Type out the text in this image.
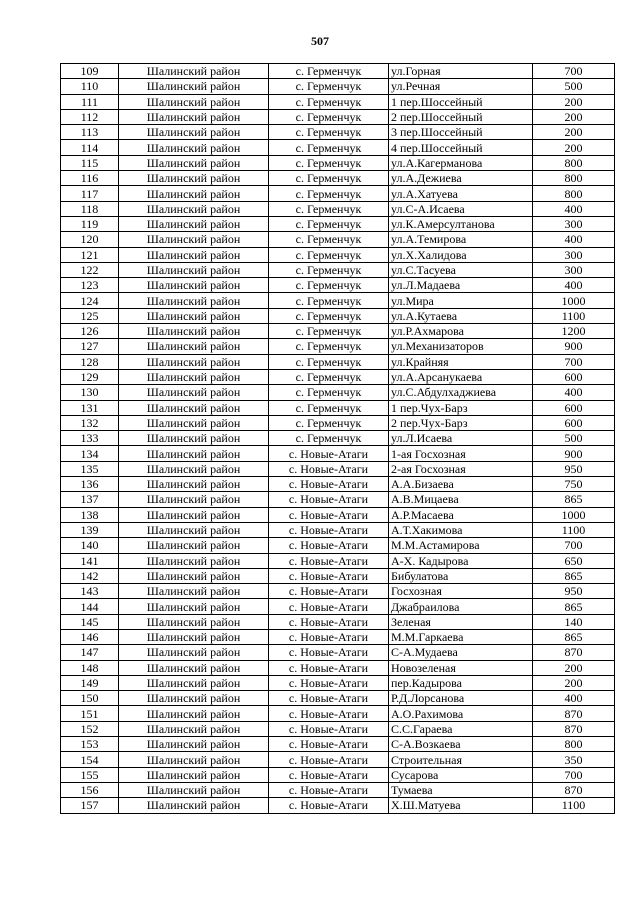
507
109	Шалинский район	с. Герменчук	ул.Горная	700
110	Шалинский район	с. Герменчук	ул.Речная	500
111	Шалинский район	с. Герменчук	1 пер.Шоссейный	200
112	Шалинский район	с. Герменчук	2 пер.Шоссейный	200
113	Шалинский район	с. Герменчук	3 пер.Шоссейный	200
114	Шалинский район	с. Герменчук	4 пер.Шоссейный	200
115	Шалинский район	с. Герменчук	ул.А.Кагерманова	800
116	Шалинский район	с. Герменчук	ул.А.Дежиева	800
117	Шалинский район	с. Герменчук	ул.А.Хатуева	800
118	Шалинский район	с. Герменчук	ул.С-А.Исаева	400
119	Шалинский район	с. Герменчук	ул.К.Амерсултанова	300
120	Шалинский район	с. Герменчук	ул.А.Темирова	400
121	Шалинский район	с. Герменчук	ул.Х.Халидова	300
122	Шалинский район	с. Герменчук	ул.С.Тасуева	300
123	Шалинский район	с. Герменчук	ул.Л.Мадаева	400
124	Шалинский район	с. Герменчук	ул.Мира	1000
125	Шалинский район	с. Герменчук	ул.А.Кутаева	1100
126	Шалинский район	с. Герменчук	ул.Р.Ахмарова	1200
127	Шалинский район	с. Герменчук	ул.Механизаторов	900
128	Шалинский район	с. Герменчук	ул.Крайняя	700
129	Шалинский район	с. Герменчук	ул.А.Арсанукаева	600
130	Шалинский район	с. Герменчук	ул.С.Абдулхаджиева	400
131	Шалинский район	с. Герменчук	1 пер.Чух-Барз	600
132	Шалинский район	с. Герменчук	2 пер.Чух-Барз	600
133	Шалинский район	с. Герменчук	ул.Л.Исаева	500
134	Шалинский район	с. Новые-Атаги	1-ая Госхозная	900
135	Шалинский район	с. Новые-Атаги	2-ая Госхозная	950
136	Шалинский район	с. Новые-Атаги	А.А.Бизаева	750
137	Шалинский район	с. Новые-Атаги	А.В.Мицаева	865
138	Шалинский район	с. Новые-Атаги	А.Р.Масаева	1000
139	Шалинский район	с. Новые-Атаги	А.Т.Хакимова	1100
140	Шалинский район	с. Новые-Атаги	М.М.Астамирова	700
141	Шалинский район	с. Новые-Атаги	А-Х. Кадырова	650
142	Шалинский район	с. Новые-Атаги	Бибулатова	865
143	Шалинский район	с. Новые-Атаги	Госхозная	950
144	Шалинский район	с. Новые-Атаги	Джабраилова	865
145	Шалинский район	с. Новые-Атаги	Зеленая	140
146	Шалинский район	с. Новые-Атаги	М.М.Гаркаева	865
147	Шалинский район	с. Новые-Атаги	С-А.Мудаева	870
148	Шалинский район	с. Новые-Атаги	Новозеленая	200
149	Шалинский район	с. Новые-Атаги	пер.Кадырова	200
150	Шалинский район	с. Новые-Атаги	Р.Д.Лорсанова	400
151	Шалинский район	с. Новые-Атаги	А.О.Рахимова	870
152	Шалинский район	с. Новые-Атаги	С.С.Гараева	870
153	Шалинский район	с. Новые-Атаги	С-А.Возкаева	800
154	Шалинский район	с. Новые-Атаги	Строительная	350
155	Шалинский район	с. Новые-Атаги	Сусарова	700
156	Шалинский район	с. Новые-Атаги	Тумаева	870
157	Шалинский район	с. Новые-Атаги	Х.Ш.Матуева	1100
